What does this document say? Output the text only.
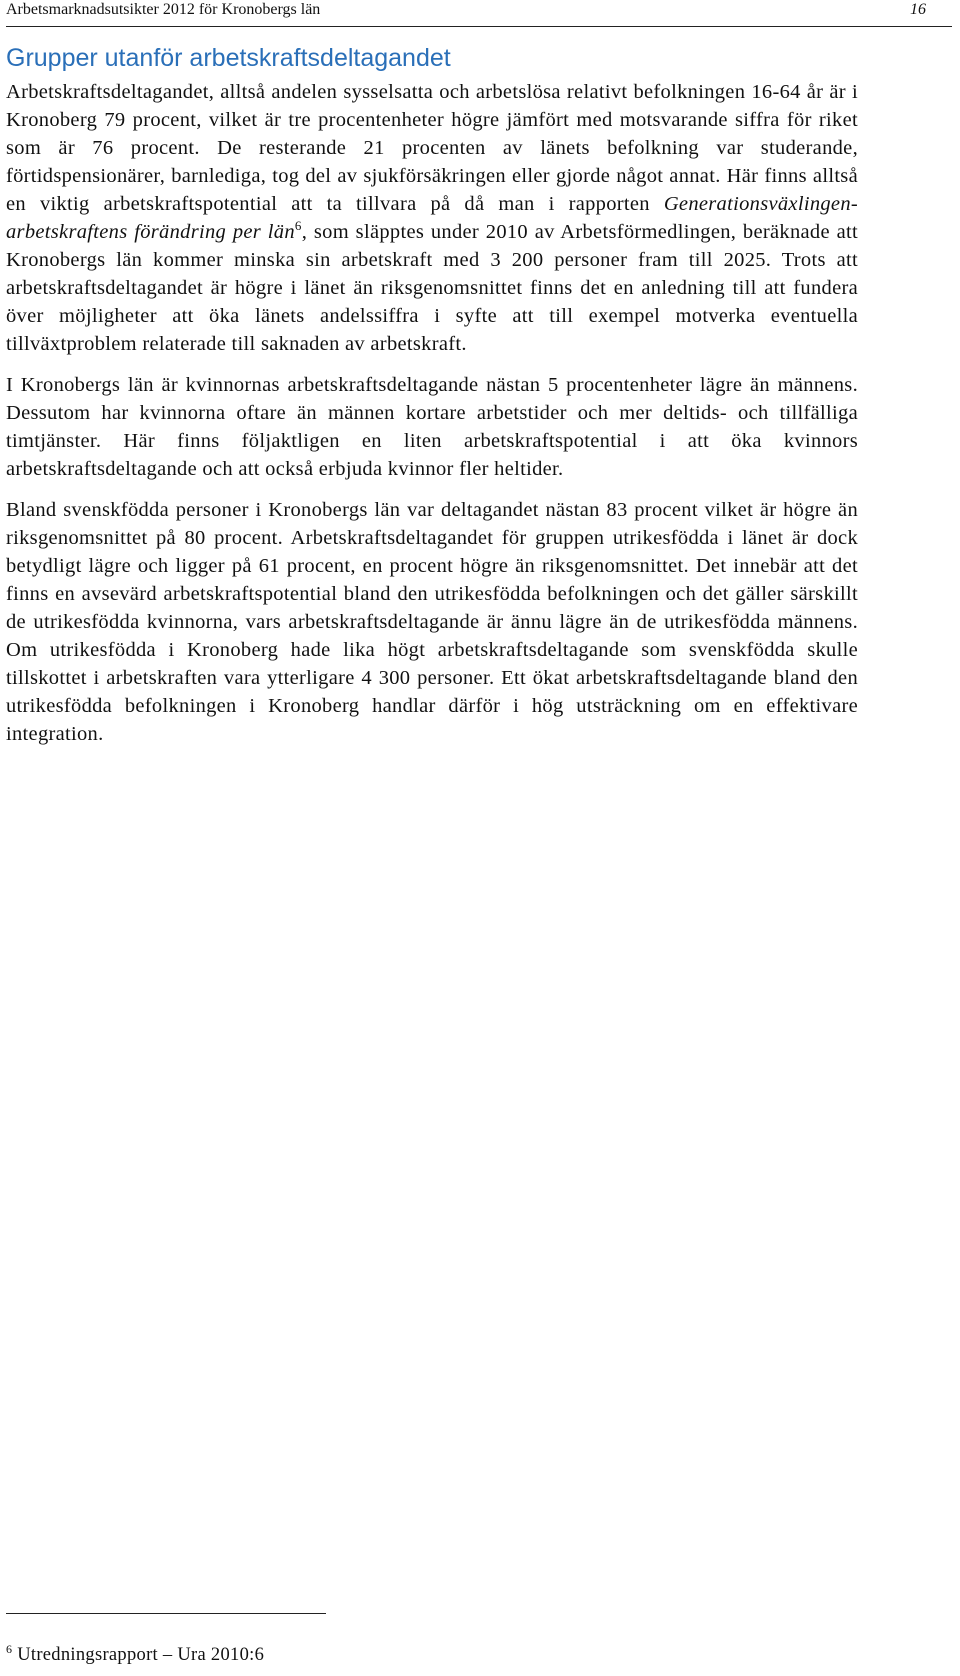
Arbetsmarknadsutsikter 2012 för Kronobergs län	16
Grupper utanför arbetskraftsdeltagandet

Arbetskraftsdeltagandet, alltså andelen sysselsatta och arbetslösa relativt befolkningen 16-64 år är i Kronoberg 79 procent, vilket är tre procentenheter högre jämfört med motsvarande siffra för riket som är 76 procent. De resterande 21 procenten av länets befolkning var studerande, förtidspensionärer, barnlediga, tog del av sjukförsäkringen eller gjorde något annat. Här finns alltså en viktig arbetskraftspotential att ta tillvara på då man i rapporten Generationsväxlingen- arbetskraftens förändring per län$^6$, som släpptes under 2010 av Arbetsförmedlingen, beräknade att Kronobergs län kommer minska sin arbetskraft med 3 200 personer fram till 2025. Trots att arbetskraftsdeltagandet är högre i länet än riksgenomsnittet finns det en anledning till att fundera över möjligheter att öka länets andelssiffra i syfte att till exempel motverka eventuella tillväxtproblem relaterade till saknaden av arbetskraft.

I Kronobergs län är kvinnornas arbetskraftsdeltagande nästan 5 procentenheter lägre än männens. Dessutom har kvinnorna oftare än männen kortare arbetstider och mer deltids- och tillfälliga timtjänster. Här finns följaktligen en liten arbetskraftspotential i att öka kvinnors arbetskraftsdeltagande och att också erbjuda kvinnor fler heltider.

Bland svenskfödda personer i Kronobergs län var deltagandet nästan 83 procent vilket är högre än riksgenomsnittet på 80 procent. Arbetskraftsdeltagandet för gruppen utrikesfödda i länet är dock betydligt lägre och ligger på 61 procent, en procent högre än riksgenomsnittet. Det innebär att det finns en avsevärd arbetskraftspotential bland den utrikesfödda befolkningen och det gäller särskillt de utrikesfödda kvinnorna, vars arbetskraftsdeltagande är ännu lägre än de utrikesfödda männens. Om utrikesfödda i Kronoberg hade lika högt arbetskraftsdeltagande som svenskfödda skulle tillskottet i arbetskraften vara ytterligare 4 300 personer. Ett ökat arbetskraftsdeltagande bland den utrikesfödda befolkningen i Kronoberg handlar därför i hög utsträckning om en effektivare integration.

$^6$ Utredningsrapport – Ura 2010:6
